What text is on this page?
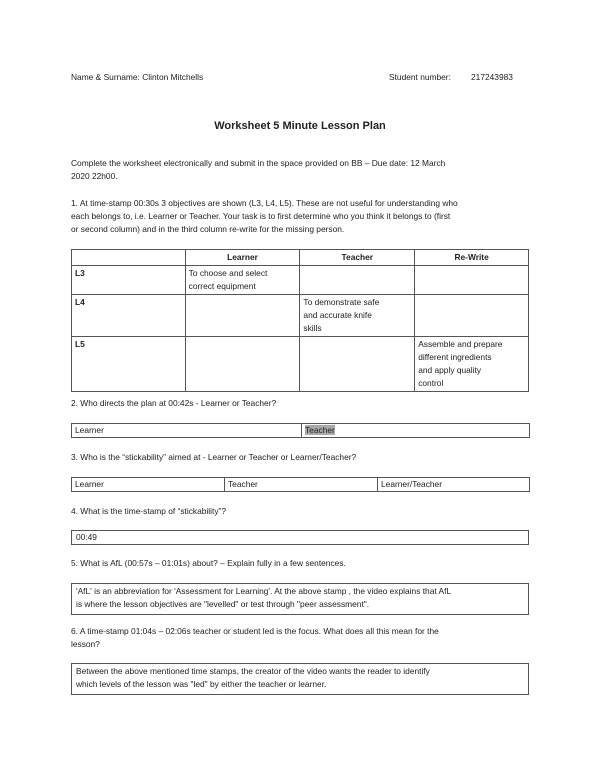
Name & Surname: Clinton Mitchells	Student number: 217243983
Worksheet 5 Minute Lesson Plan
Complete the worksheet electronically and submit in the space provided on BB – Due date: 12 March
2020 22h00.
1. At time-stamp 00:30s 3 objectives are shown (L3, L4, L5). These are not useful for understanding who
each belongs to, i.e. Learner or Teacher. Your task is to first determine who you think it belongs to (first
or second column) and in the third column re-write for the missing person.
	Learner	Teacher	Re-Write
L3	To choose and select
correct equipment		

L4		To demonstrate safe
and accurate knife
skills	

L5			Assemble and prepare
different ingredients
and apply quality
control
2. Who directs the plan at 00:42s - Learner or Teacher?
Learner	Teacher
3. Who is the “stickability” aimed at - Learner or Teacher or Learner/Teacher?
Learner	Teacher	Learner/Teacher
4. What is the time-stamp of “stickability”?
00:49
5. What is AfL (00:57s – 01:01s) about? – Explain fully in a few sentences.
'AfL' is an abbreviation for 'Assessment for Learning'. At the above stamp , the video explains that AfL
is where the lesson objectives are "levelled" or test through "peer assessment".
6. A time-stamp 01:04s – 02:06s teacher or student led is the focus. What does all this mean for the
lesson?
Between the above mentioned time stamps, the creator of the video wants the reader to identify
which levels of the lesson was "led" by either the teacher or learner.
